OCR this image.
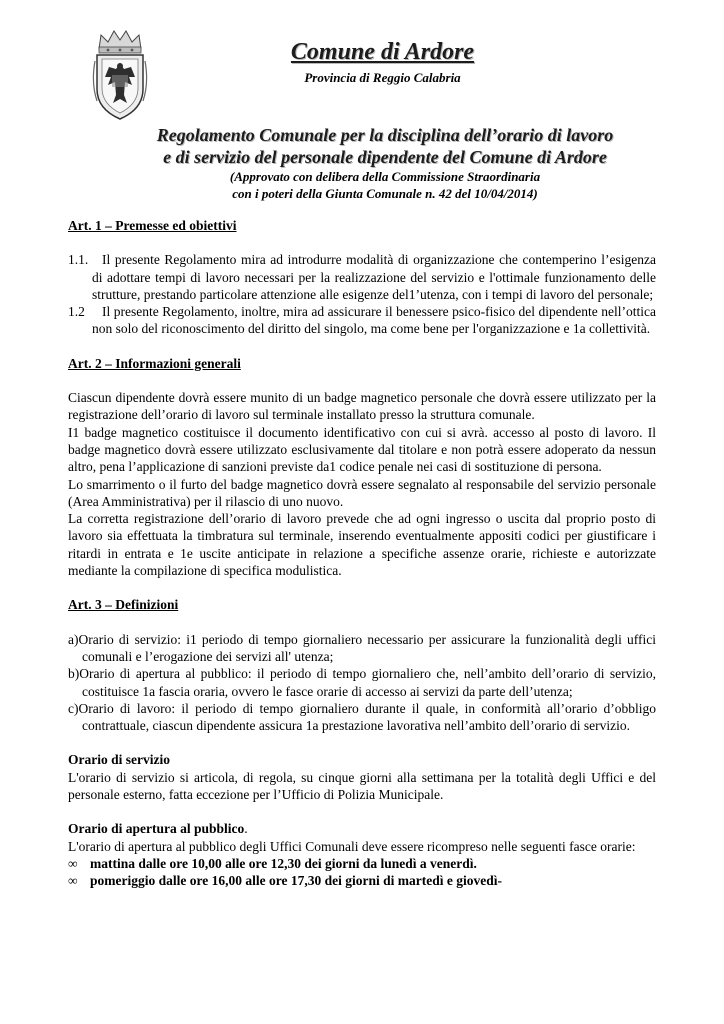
Comune di Ardore
Provincia di Reggio Calabria
Regolamento Comunale per la disciplina dell’orario di lavoro
e di servizio del personale dipendente del Comune di Ardore
(Approvato con delibera della Commissione Straordinaria
con i poteri della Giunta Comunale n. 42 del 10/04/2014)

Art. 1 – Premesse ed obiettivi

1.1.	Il presente Regolamento mira ad introdurre modalità di organizzazione che contemperino l’esigenza di adottare tempi di lavoro necessari per la realizzazione del servizio e l'ottimale funzionamento delle strutture, prestando particolare attenzione alle esigenze del1’utenza, con i tempi di lavoro del personale;
1.2	Il presente Regolamento, inoltre, mira ad assicurare il benessere psico-fisico del dipendente nell’ottica non solo del riconoscimento del diritto del singolo, ma come bene per l'organizzazione e 1a collettività.

Art. 2 – Informazioni generali

Ciascun dipendente dovrà essere munito di un badge magnetico personale che dovrà essere utilizzato per la registrazione dell’orario di lavoro sul terminale installato presso la struttura comunale.

I1 badge magnetico costituisce il documento identificativo con cui si avrà. accesso al posto di lavoro. Il badge magnetico dovrà essere utilizzato esclusivamente dal titolare e non potrà essere adoperato da nessun altro, pena l’applicazione di sanzioni previste da1 codice penale nei casi di sostituzione di persona.

Lo smarrimento o il furto del badge magnetico dovrà essere segnalato al responsabile del servizio personale (Area Amministrativa) per il rilascio di uno nuovo.

La corretta registrazione dell’orario di lavoro prevede che ad ogni ingresso o uscita dal proprio posto di lavoro sia effettuata la timbratura sul terminale, inserendo eventualmente appositi codici per giustificare i ritardi in entrata e 1e uscite anticipate in relazione a specifiche assenze orarie, richieste e autorizzate mediante la compilazione di specifica modulistica.

Art. 3 – Definizioni

a)Orario di servizio: i1 periodo di tempo giornaliero necessario per assicurare la funzionalità degli uffici comunali e l’erogazione dei servizi all' utenza;

b)Orario di apertura al pubblico: il periodo di tempo giornaliero che, nell’ambito dell’orario di servizio, costituisce 1a fascia oraria, ovvero le fasce orarie di accesso ai servizi da parte dell’utenza;

c)Orario di lavoro: il periodo di tempo giornaliero durante il quale, in conformità all’orario d’obbligo contrattuale, ciascun dipendente assicura 1a prestazione lavorativa nell’ambito dell’orario di servizio.

Orario di servizio

L'orario di servizio si articola, di regola, su cinque giorni alla settimana per la totalità degli Uffici e del personale esterno, fatta eccezione per l’Ufficio di Polizia Municipale.

Orario di apertura al pubblico.

L'orario di apertura al pubblico degli Uffici Comunali deve essere ricompreso nelle seguenti fasce orarie:

∞ mattina dalle ore 10,00 alle ore 12,30 dei giorni da lunedì a venerdì.
∞ pomeriggio dalle ore 16,00 alle ore 17,30 dei giorni di martedì e giovedì-
